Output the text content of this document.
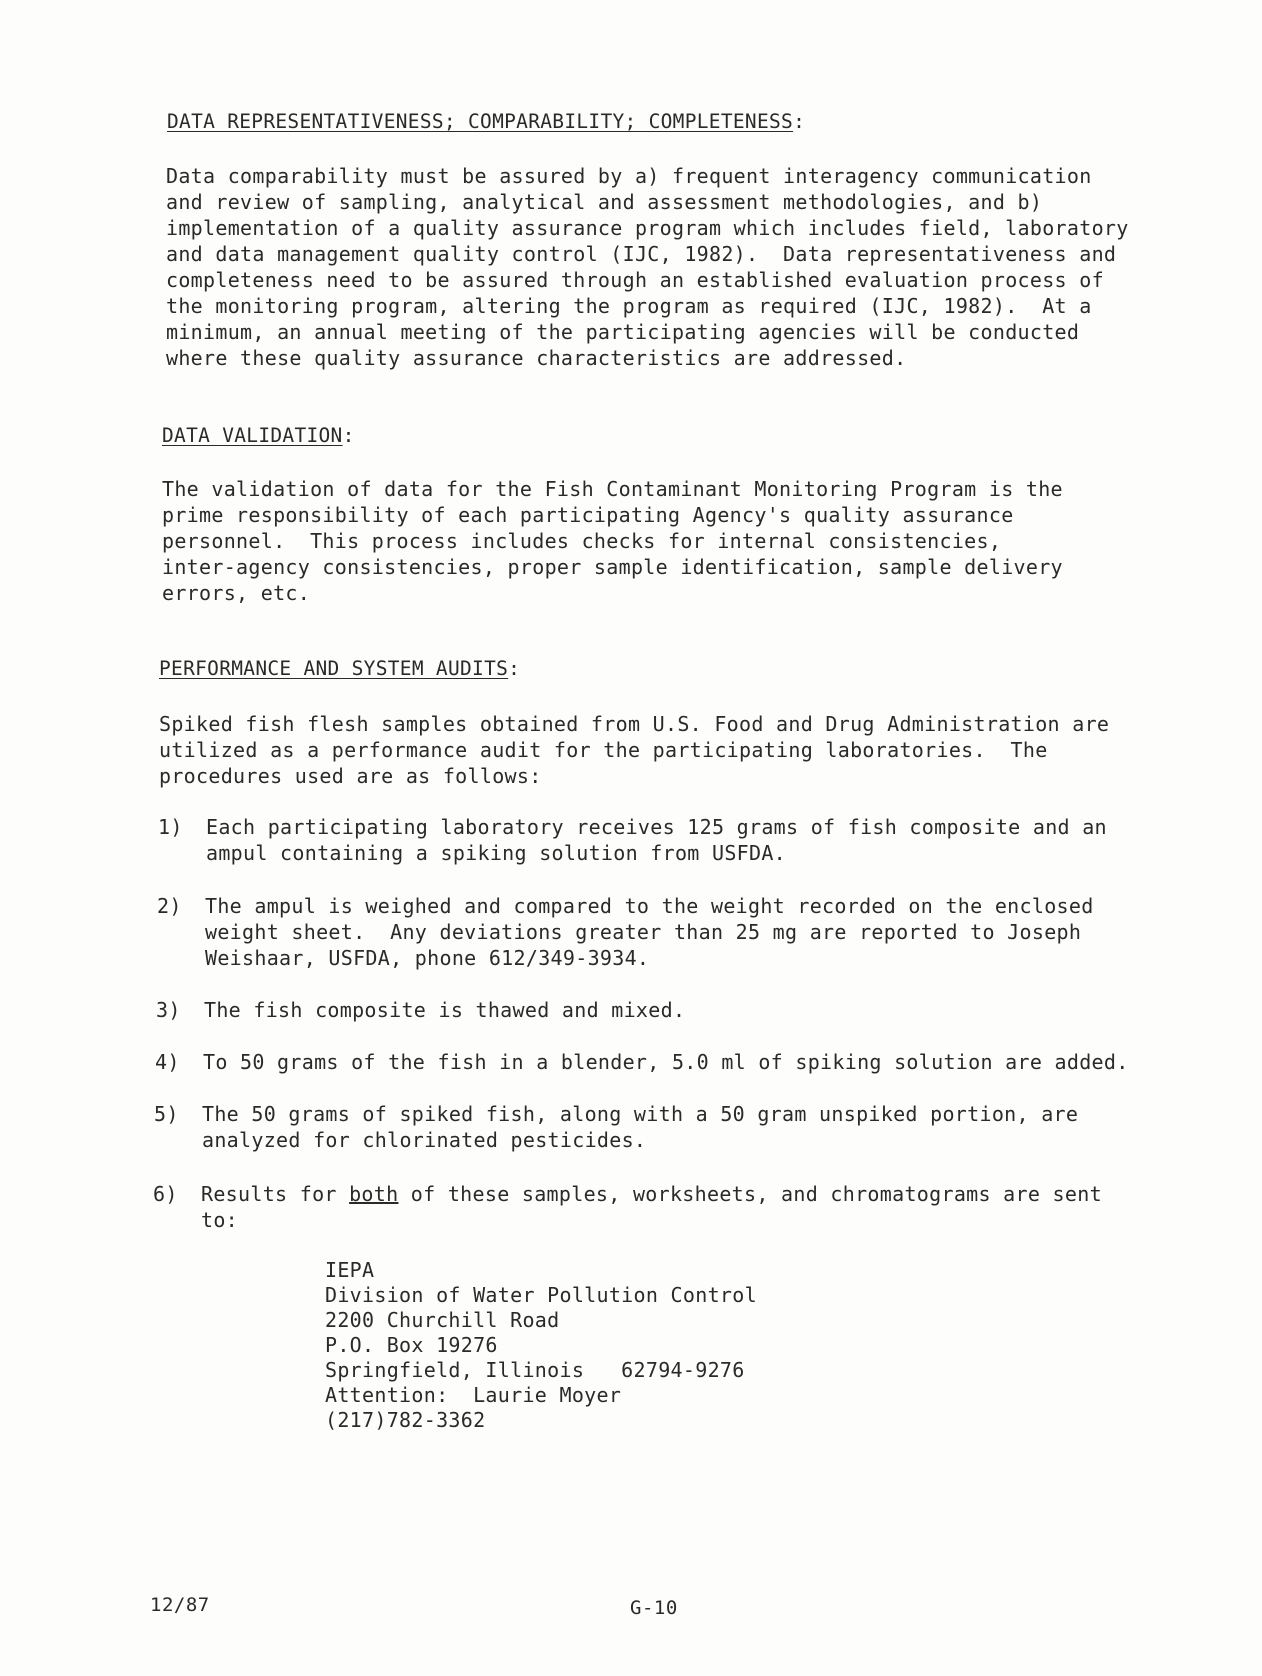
DATA REPRESENTATIVENESS; COMPARABILITY; COMPLETENESS:

Data comparability must be assured by a) frequent interagency communication
and review of sampling, analytical and assessment methodologies, and b)
implementation of a quality assurance program which includes field, laboratory
and data management quality control (IJC, 1982).  Data representativeness and
completeness need to be assured through an established evaluation process of
the monitoring program, altering the program as required (IJC, 1982).  At a
minimum, an annual meeting of the participating agencies will be conducted
where these quality assurance characteristics are addressed.

DATA VALIDATION:

The validation of data for the Fish Contaminant Monitoring Program is the
prime responsibility of each participating Agency's quality assurance
personnel.  This process includes checks for internal consistencies,
inter-agency consistencies, proper sample identification, sample delivery
errors, etc.

PERFORMANCE AND SYSTEM AUDITS:

Spiked fish flesh samples obtained from U.S. Food and Drug Administration are
utilized as a performance audit for the participating laboratories.  The
procedures used are as follows:

1)

Each participating laboratory receives 125 grams of fish composite and an
ampul containing a spiking solution from USFDA.

2)

The ampul is weighed and compared to the weight recorded on the enclosed
weight sheet.  Any deviations greater than 25 mg are reported to Joseph
Weishaar, USFDA, phone 612/349-3934.

3)

The fish composite is thawed and mixed.

4)

To 50 grams of the fish in a blender, 5.0 ml of spiking solution are added.

5)

The 50 grams of spiked fish, along with a 50 gram unspiked portion, are
analyzed for chlorinated pesticides.

6)

Results for both of these samples, worksheets, and chromatograms are sent
to:

IEPA
Division of Water Pollution Control
2200 Churchill Road
P.O. Box 19276
Springfield, Illinois   62794-9276
Attention:  Laurie Moyer
(217)782-3362
12/87	G-10
